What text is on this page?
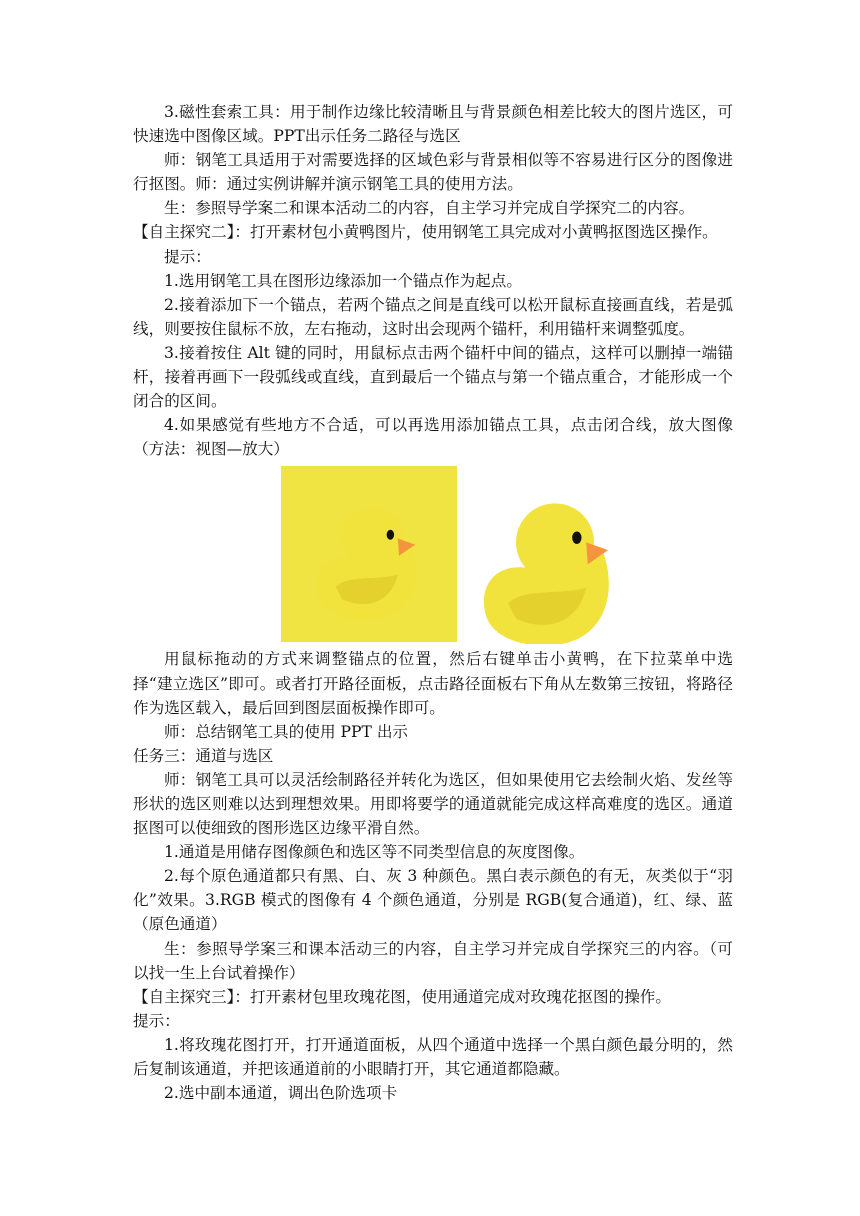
3.磁性套索工具：用于制作边缘比较清晰且与背景颜色相差比较大的图片选区，可快速选中图像区域。PPT出示任务二路径与选区

师：钢笔工具适用于对需要选择的区域色彩与背景相似等不容易进行区分的图像进行抠图。师：通过实例讲解并演示钢笔工具的使用方法。

生：参照导学案二和课本活动二的内容，自主学习并完成自学探究二的内容。

【自主探究二】：打开素材包小黄鸭图片，使用钢笔工具完成对小黄鸭抠图选区操作。

提示：

1.选用钢笔工具在图形边缘添加一个锚点作为起点。

2.接着添加下一个锚点，若两个锚点之间是直线可以松开鼠标直接画直线，若是弧线，则要按住鼠标不放，左右拖动，这时出会现两个锚杆，利用锚杆来调整弧度。

3.接着按住 Alt 键的同时，用鼠标点击两个锚杆中间的锚点，这样可以删掉一端锚杆，接着再画下一段弧线或直线，直到最后一个锚点与第一个锚点重合，才能形成一个闭合的区间。

4.如果感觉有些地方不合适，可以再选用添加锚点工具，点击闭合线，放大图像（方法：视图—放大）

用鼠标拖动的方式来调整锚点的位置，然后右键单击小黄鸭，在下拉菜单中选择“建立选区”即可。或者打开路径面板，点击路径面板右下角从左数第三按钮，将路径作为选区载入，最后回到图层面板操作即可。

师：总结钢笔工具的使用 PPT 出示

任务三：通道与选区

师：钢笔工具可以灵活绘制路径并转化为选区，但如果使用它去绘制火焰、发丝等形状的选区则难以达到理想效果。用即将要学的通道就能完成这样高难度的选区。通道抠图可以使细致的图形选区边缘平滑自然。

1.通道是用储存图像颜色和选区等不同类型信息的灰度图像。

2.每个原色通道都只有黑、白、灰 3 种颜色。黑白表示颜色的有无，灰类似于“羽化”效果。3.RGB 模式的图像有 4 个颜色通道，分别是 RGB(复合通道)，红、绿、蓝（原色通道）

生：参照导学案三和课本活动三的内容，自主学习并完成自学探究三的内容。（可以找一生上台试着操作）

【自主探究三】：打开素材包里玫瑰花图，使用通道完成对玫瑰花抠图的操作。

提示：

1.将玫瑰花图打开，打开通道面板，从四个通道中选择一个黑白颜色最分明的，然后复制该通道，并把该通道前的小眼睛打开，其它通道都隐藏。

2.选中副本通道，调出色阶选项卡
